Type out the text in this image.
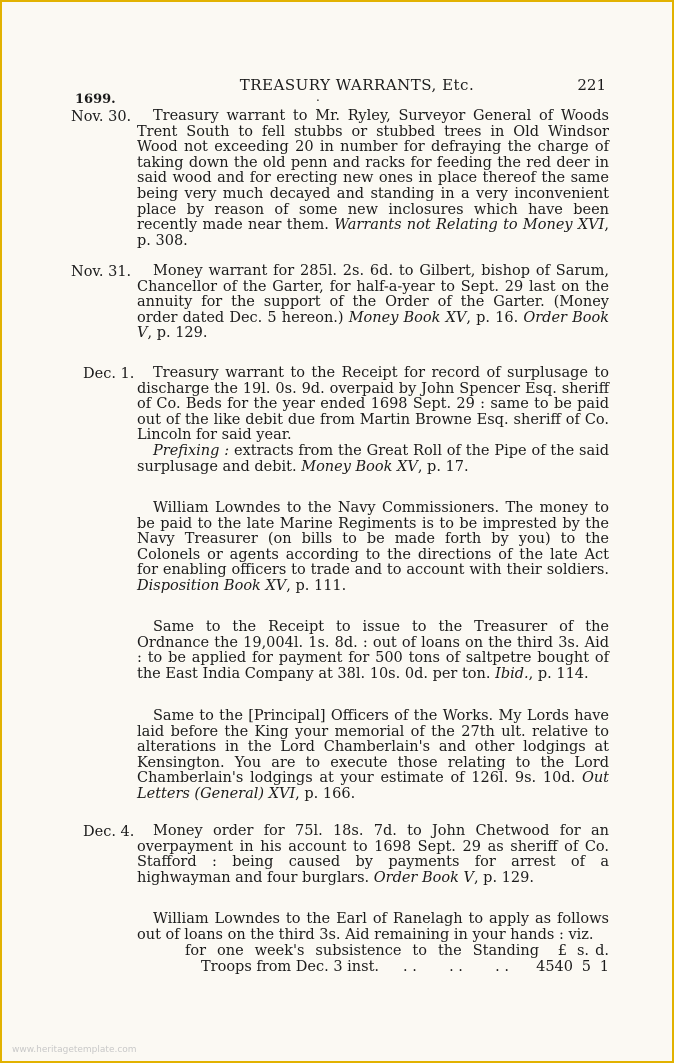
TREASURY WARRANTS, Etc.	221
1699.	.
Nov. 30.	Treasury warrant to Mr. Ryley, Surveyor General of Woods Trent South to fell stubbs or stubbed trees in Old Windsor Wood not exceeding 20 in number for defraying the charge of taking down the old penn and racks for feeding the red deer in said wood and for erecting new ones in place thereof the same being very much decayed and standing in a very inconvenient place by reason of some new inclosures which have been recently made near them. Warrants not Relating to Money XVI, p. 308.

Nov. 31.	Money warrant for 285l. 2s. 6d. to Gilbert, bishop of Sarum, Chancellor of the Garter, for half-a-year to Sept. 29 last on the annuity for the support of the Order of the Garter. (Money order dated Dec. 5 hereon.) Money Book XV, p. 16. Order Book V, p. 129.

Dec. 1.	Treasury warrant to the Receipt for record of surplusage to discharge the 19l. 0s. 9d. overpaid by John Spencer Esq. sheriff of Co. Beds for the year ended 1698 Sept. 29 : same to be paid out of the like debit due from Martin Browne Esq. sheriff of Co. Lincoln for said year.

Prefixing : extracts from the Great Roll of the Pipe of the said surplusage and debit. Money Book XV, p. 17.

William Lowndes to the Navy Commissioners. The money to be paid to the late Marine Regiments is to be imprested by the Navy Treasurer (on bills to be made forth by you) to the Colonels or agents according to the directions of the late Act for enabling officers to trade and to account with their soldiers. Disposition Book XV, p. 111.

Same to the Receipt to issue to the Treasurer of the Ordnance the 19,004l. 1s. 8d. : out of loans on the third 3s. Aid : to be applied for payment for 500 tons of saltpetre bought of the East India Company at 38l. 10s. 0d. per ton. Ibid., p. 114.

Same to the [Principal] Officers of the Works. My Lords have laid before the King your memorial of the 27th ult. relative to alterations in the Lord Chamberlain's and other lodgings at Kensington. You are to execute those relating to the Lord Chamberlain's lodgings at your estimate of 126l. 9s. 10d. Out Letters (General) XVI, p. 166.

Dec. 4.	Money order for 75l. 18s. 7d. to John Chetwood for an overpayment in his account to 1698 Sept. 29 as sheriff of Co. Stafford : being caused by payments for arrest of a highwayman and four burglars. Order Book V, p. 129.

William Lowndes to the Earl of Ranelagh to apply as follows out of loans on the third 3s. Aid remaining in your hands : viz.

for one week's subsistence to the Standing	£ s. d.
Troops from Dec. 3 inst.	. .       . .       . .	4540 5 1
www.heritagetemplate.com
